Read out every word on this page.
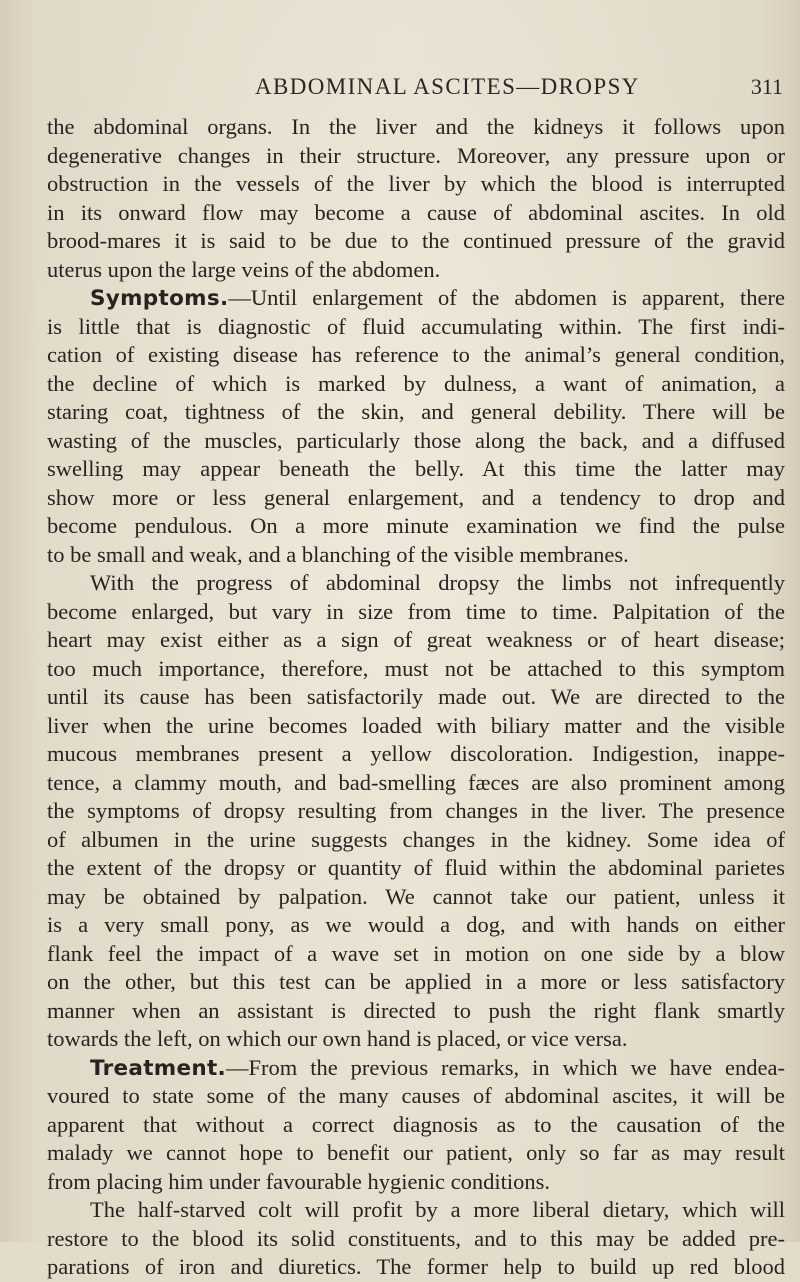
ABDOMINAL ASCITES—DROPSY	311
the abdominal organs. In the liver and the kidneys it follows upon
degenerative changes in their structure. Moreover, any pressure upon or
obstruction in the vessels of the liver by which the blood is interrupted
in its onward flow may become a cause of abdominal ascites. In old
brood-mares it is said to be due to the continued pressure of the gravid
uterus upon the large veins of the abdomen.
Symptoms.—Until enlargement of the abdomen is apparent, there
is little that is diagnostic of fluid accumulating within. The first indi-
cation of existing disease has reference to the animal’s general condition,
the decline of which is marked by dulness, a want of animation, a
staring coat, tightness of the skin, and general debility. There will be
wasting of the muscles, particularly those along the back, and a diffused
swelling may appear beneath the belly. At this time the latter may
show more or less general enlargement, and a tendency to drop and
become pendulous. On a more minute examination we find the pulse
to be small and weak, and a blanching of the visible membranes.
With the progress of abdominal dropsy the limbs not infrequently
become enlarged, but vary in size from time to time. Palpitation of the
heart may exist either as a sign of great weakness or of heart disease;
too much importance, therefore, must not be attached to this symptom
until its cause has been satisfactorily made out. We are directed to the
liver when the urine becomes loaded with biliary matter and the visible
mucous membranes present a yellow discoloration. Indigestion, inappe-
tence, a clammy mouth, and bad-smelling fæces are also prominent among
the symptoms of dropsy resulting from changes in the liver. The presence
of albumen in the urine suggests changes in the kidney. Some idea of
the extent of the dropsy or quantity of fluid within the abdominal parietes
may be obtained by palpation. We cannot take our patient, unless it
is a very small pony, as we would a dog, and with hands on either
flank feel the impact of a wave set in motion on one side by a blow
on the other, but this test can be applied in a more or less satisfactory
manner when an assistant is directed to push the right flank smartly
towards the left, on which our own hand is placed, or vice versa.
Treatment.—From the previous remarks, in which we have endea-
voured to state some of the many causes of abdominal ascites, it will be
apparent that without a correct diagnosis as to the causation of the
malady we cannot hope to benefit our patient, only so far as may result
from placing him under favourable hygienic conditions.
The half-starved colt will profit by a more liberal dietary, which will
restore to the blood its solid constituents, and to this may be added pre-
parations of iron and diuretics. The former help to build up red blood
